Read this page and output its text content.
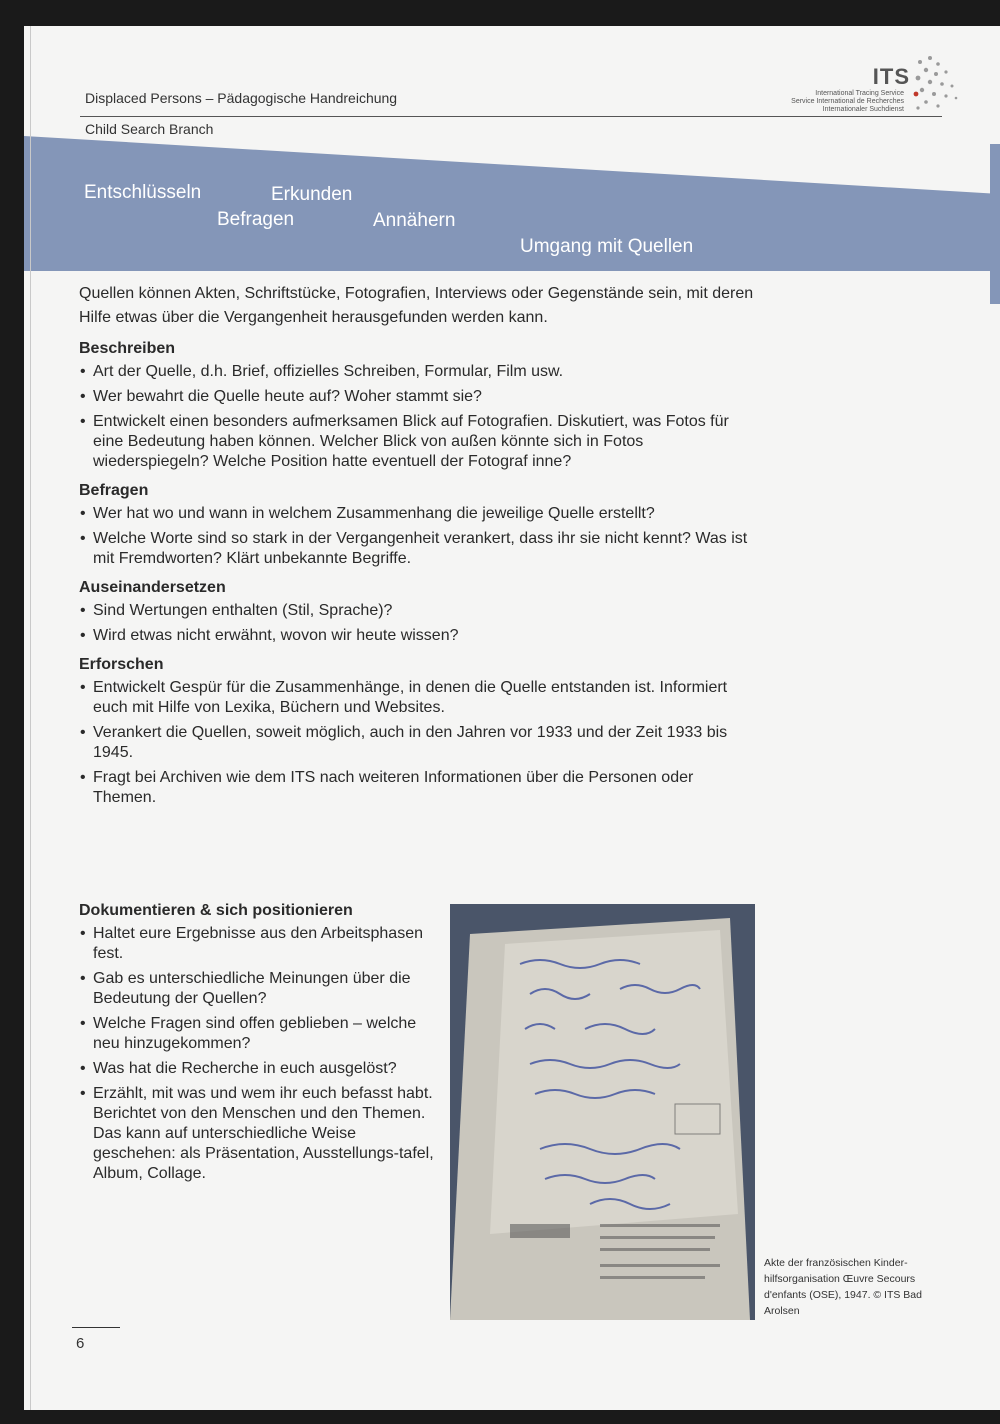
Displaced Persons – Pädagogische Handreichung
Child Search Branch
ITS
International Tracing Service
Service International de Recherches
Internationaler Suchdienst
Entschlüsseln	Erkunden
Befragen	Annähern
Umgang mit Quellen

Quellen können Akten, Schriftstücke, Fotografien, Interviews oder Gegenstände sein, mit deren Hilfe etwas über die Vergangenheit herausgefunden werden kann.

Beschreiben
• Art der Quelle, d.h. Brief, offizielles Schreiben, Formular, Film usw.
• Wer bewahrt die Quelle heute auf? Woher stammt sie?
• Entwickelt einen besonders aufmerksamen Blick auf Fotografien. Diskutiert, was Fotos für eine Bedeutung haben können. Welcher Blick von außen könnte sich in Fotos wiederspiegeln? Welche Position hatte eventuell der Fotograf inne?
Befragen
• Wer hat wo und wann in welchem Zusammenhang die jeweilige Quelle erstellt?
• Welche Worte sind so stark in der Vergangenheit verankert, dass ihr sie nicht kennt? Was ist mit Fremdworten? Klärt unbekannte Begriffe.
Auseinandersetzen
• Sind Wertungen enthalten (Stil, Sprache)?
• Wird etwas nicht erwähnt, wovon wir heute wissen?
Erforschen
• Entwickelt Gespür für die Zusammenhänge, in denen die Quelle entstanden ist. Informiert euch mit Hilfe von Lexika, Büchern und Websites.
• Verankert die Quellen, soweit möglich, auch in den Jahren vor 1933 und der Zeit 1933 bis 1945.
• Fragt bei Archiven wie dem ITS nach weiteren Informationen über die Personen oder Themen.
Dokumentieren & sich positionieren
• Haltet eure Ergebnisse aus den Arbeitsphasen fest.
• Gab es unterschiedliche Meinungen über die Bedeutung der Quellen?
• Welche Fragen sind offen geblieben – welche neu hinzugekommen?
• Was hat die Recherche in euch ausgelöst?
• Erzählt, mit was und wem ihr euch befasst habt. Berichtet von den Menschen und den Themen. Das kann auf unterschiedliche Weise geschehen: als Präsentation, Ausstellungs-tafel, Album, Collage.
Akte der französischen Kinder-hilfsorganisation Œuvre Secours d'enfants (OSE), 1947. © ITS Bad Arolsen
6
